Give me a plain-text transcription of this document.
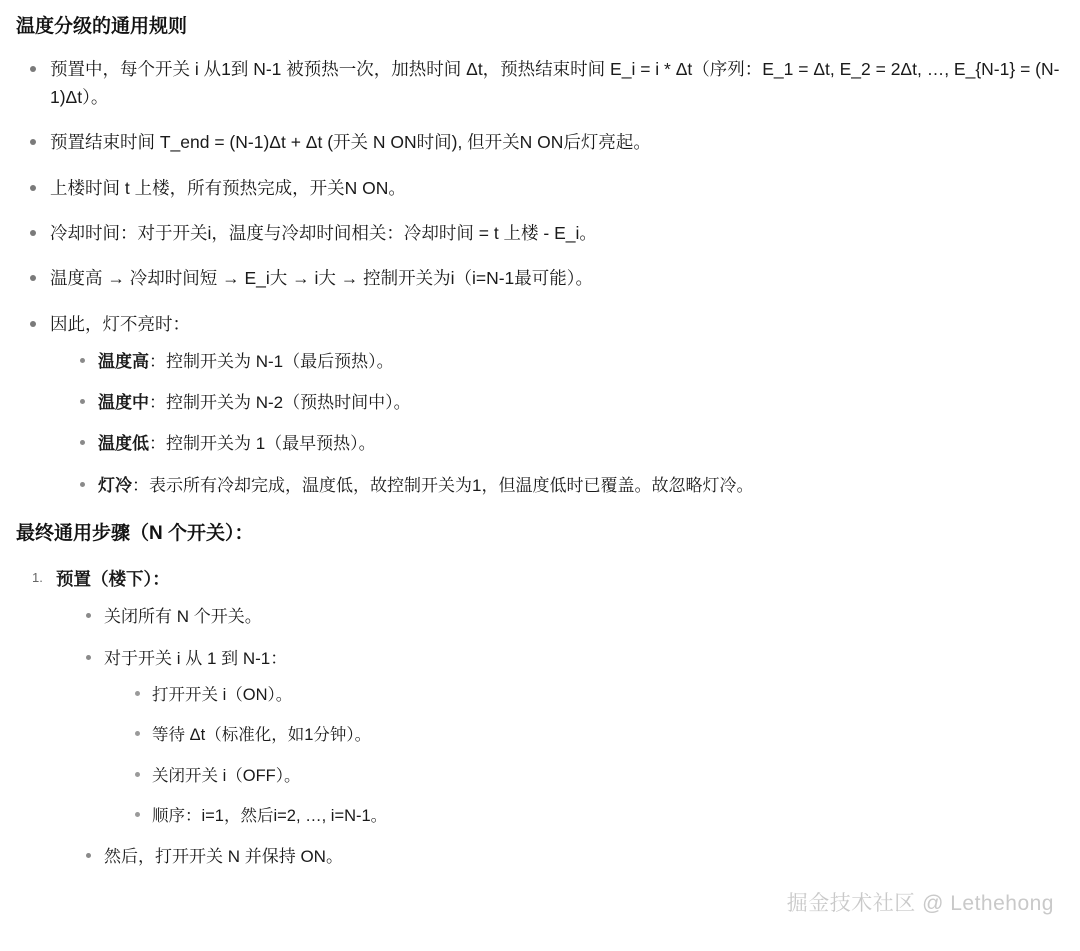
温度分级的通用规则
预置中，每个开关 i 从1到 N-1 被预热一次，加热时间 Δt，预热结束时间 E_i = i * Δt（序列：E_1 = Δt, E_2 = 2Δt, …, E_{N-1} = (N-1)Δt）。
预置结束时间 T_end = (N-1)Δt + Δt (开关 N ON时间), 但开关N ON后灯亮起。
上楼时间 t 上楼，所有预热完成，开关N ON。
冷却时间：对于开关i，温度与冷却时间相关：冷却时间 = t 上楼 - E_i。
温度高 → 冷却时间短 → E_i大 → i大 → 控制开关为i（i=N-1最可能）。
因此，灯不亮时：
温度高：控制开关为 N-1（最后预热）。
温度中：控制开关为 N-2（预热时间中）。
温度低：控制开关为 1（最早预热）。
灯冷：表示所有冷却完成，温度低，故控制开关为1，但温度低时已覆盖。故忽略灯冷。
最终通用步骤（N 个开关）：
预置（楼下）：
关闭所有 N 个开关。
对于开关 i 从 1 到 N-1：
打开开关 i（ON）。
等待 Δt（标准化，如1分钟）。
关闭开关 i（OFF）。
顺序：i=1，然后i=2, …, i=N-1。
然后，打开开关 N 并保持 ON。
掘金技术社区 @ Lethehong
